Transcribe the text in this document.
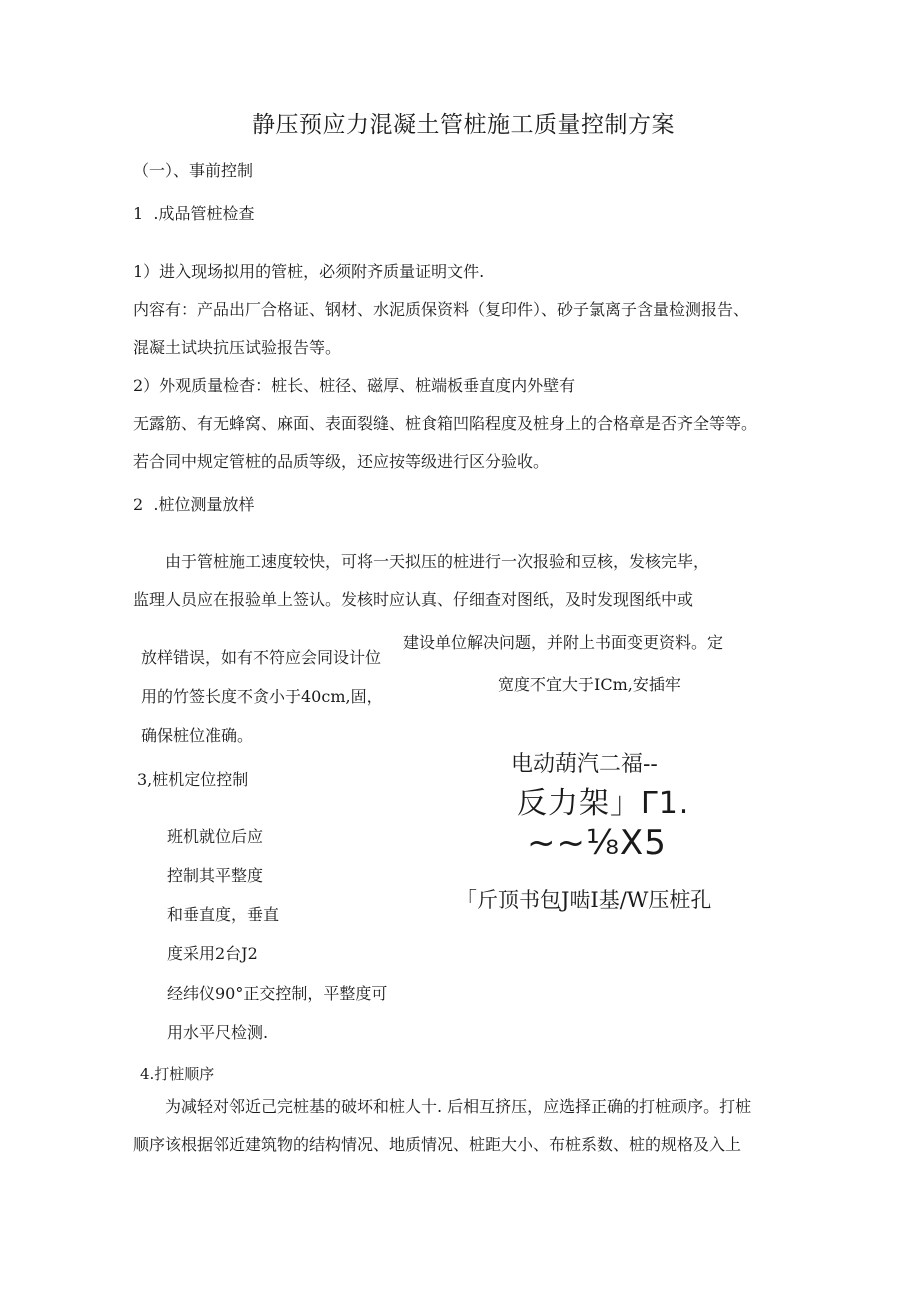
静压预应力混凝土管桩施工质量控制方案
（一）、事前控制
1  .成品管桩检查
1）进入现场拟用的管桩，必须附齐质量证明文件.
内容有：产品出厂合格证、钢材、水泥质保资料（复印件）、砂子氯离子含量检测报告、
混凝土试块抗压试验报告等。
2）外观质量检杳：桩长、桩径、磁厚、桩端板垂直度内外壁有
无露筋、有无蜂窝、麻面、表面裂缝、桩食箱凹陷程度及桩身上的合格章是否齐全等等。
若合同中规定管桩的品质等级，还应按等级进行区分验收。
2  .桩位测量放样
由于管桩施工速度较快，可将一天拟压的桩进行一次报验和豆核，发核完毕，
监理人员应在报验单上签认。发核时应认真、仔细查对图纸，及时发现图纸中或
建设单位解决问题，并附上书面变更资料。定
放样错误，如有不符应会同设计位
宽度不宜大于ICm,安插牢
用的竹签长度不贪小于40cm,固，
确保桩位准确。
3,桩机定位控制
班机就位后应
控制其平整度
和垂直度，垂直
度采用2台J2
经纬仪90°正交控制，平整度可
用水平尺检测.
电动葫汽二福--
反力架」Γ1.
~~⅛X5
「斤顶书包J啮I基/W压桩孔
4.打桩顺序
为减轻对邻近己完桩基的破坏和桩人十. 后相互挤压，应选择正确的打桩顽序。打桩
顺序该根据邻近建筑物的结构情况、地质情况、桩距大小、布桩系数、桩的规格及入上
